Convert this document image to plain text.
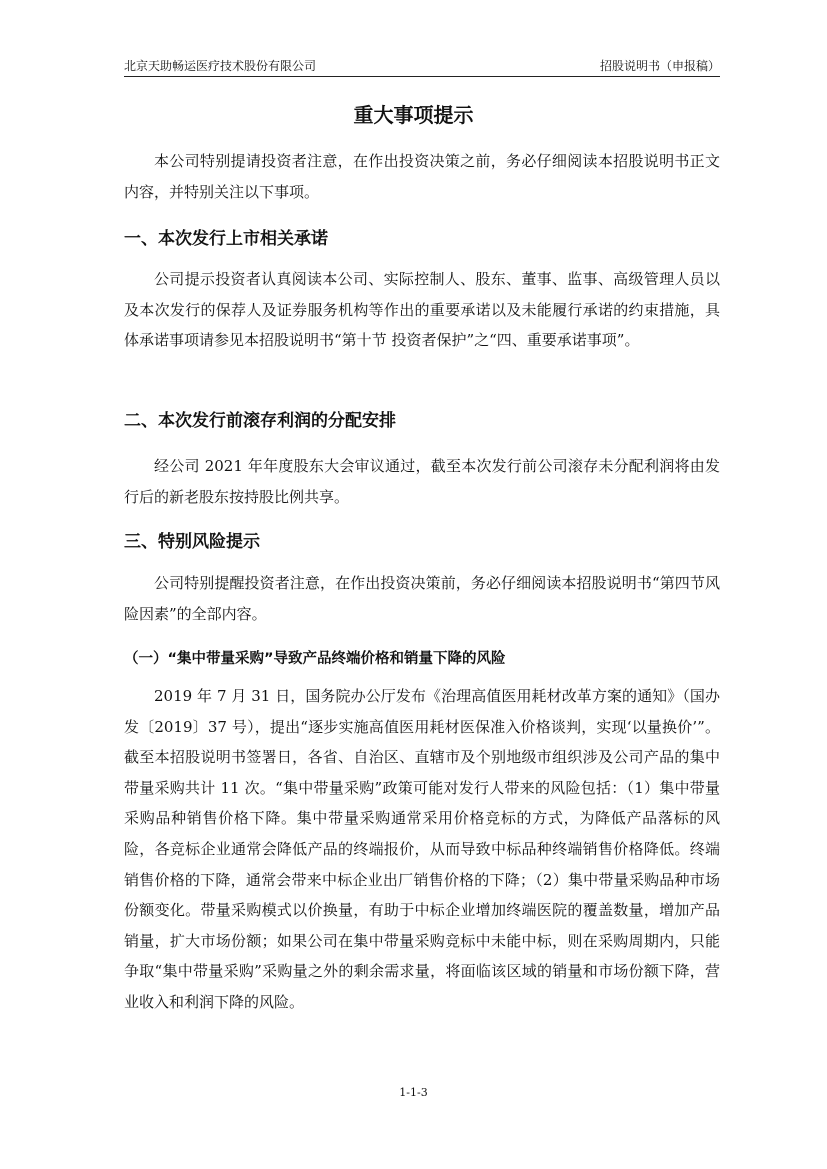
北京天助畅运医疗技术股份有限公司	招股说明书（申报稿）
重大事项提示
本公司特别提请投资者注意，在作出投资决策之前，务必仔细阅读本招股说明书正文内容，并特别关注以下事项。
一、本次发行上市相关承诺
公司提示投资者认真阅读本公司、实际控制人、股东、董事、监事、高级管理人员以及本次发行的保荐人及证券服务机构等作出的重要承诺以及未能履行承诺的约束措施，具体承诺事项请参见本招股说明书“第十节 投资者保护”之“四、重要承诺事项”。
二、本次发行前滚存利润的分配安排
经公司 2021 年年度股东大会审议通过，截至本次发行前公司滚存未分配利润将由发行后的新老股东按持股比例共享。
三、特别风险提示
公司特别提醒投资者注意，在作出投资决策前，务必仔细阅读本招股说明书“第四节风险因素”的全部内容。
（一）“集中带量采购”导致产品终端价格和销量下降的风险
2019 年 7 月 31 日，国务院办公厅发布《治理高值医用耗材改革方案的通知》（国办发〔2019〕37 号），提出“逐步实施高值医用耗材医保准入价格谈判，实现‘以量换价’”。截至本招股说明书签署日，各省、自治区、直辖市及个别地级市组织涉及公司产品的集中带量采购共计 11 次。“集中带量采购”政策可能对发行人带来的风险包括：（1）集中带量采购品种销售价格下降。集中带量采购通常采用价格竞标的方式，为降低产品落标的风险，各竞标企业通常会降低产品的终端报价，从而导致中标品种终端销售价格降低。终端销售价格的下降，通常会带来中标企业出厂销售价格的下降；（2）集中带量采购品种市场份额变化。带量采购模式以价换量，有助于中标企业增加终端医院的覆盖数量，增加产品销量，扩大市场份额；如果公司在集中带量采购竞标中未能中标，则在采购周期内，只能争取“集中带量采购”采购量之外的剩余需求量，将面临该区域的销量和市场份额下降，营业收入和利润下降的风险。
1-1-3
